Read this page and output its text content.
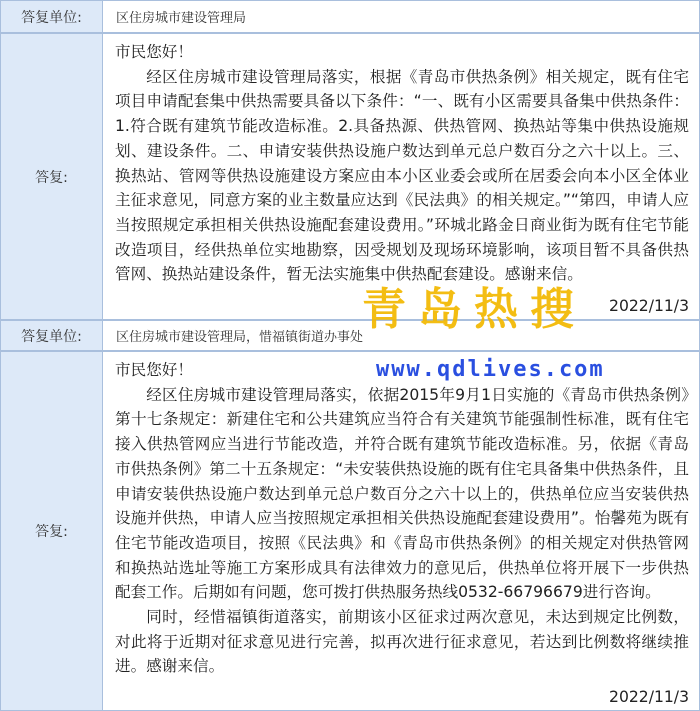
答复单位:	区住房城市建设管理局
答复:

市民您好！

经区住房城市建设管理局落实，根据《青岛市供热条例》相关规定，既有住宅项目申请配套集中供热需要具备以下条件：“一、既有小区需要具备集中供热条件：1.符合既有建筑节能改造标准。2.具备热源、供热管网、换热站等集中供热设施规划、建设条件。二、申请安装供热设施户数达到单元总户数百分之六十以上。三、换热站、管网等供热设施建设方案应由本小区业委会或所在居委会向本小区全体业主征求意见，同意方案的业主数量应达到《民法典》的相关规定。”“第四，申请人应当按照规定承担相关供热设施配套建设费用。”环城北路金日商业街为既有住宅节能改造项目，经供热单位实地勘察，因受规划及现场环境影响，该项目暂不具备供热管网、换热站建设条件，暂无法实施集中供热配套建设。感谢来信。

2022/11/3
答复单位:	区住房城市建设管理局，惜福镇街道办事处
答复:

市民您好！

经区住房城市建设管理局落实，依据2015年9月1日实施的《青岛市供热条例》第十七条规定：新建住宅和公共建筑应当符合有关建筑节能强制性标准，既有住宅接入供热管网应当进行节能改造，并符合既有建筑节能改造标准。另，依据《青岛市供热条例》第二十五条规定：“未安装供热设施的既有住宅具备集中供热条件，且申请安装供热设施户数达到单元总户数百分之六十以上的，供热单位应当安装供热设施并供热，申请人应当按照规定承担相关供热设施配套建设费用”。怡馨苑为既有住宅节能改造项目，按照《民法典》和《青岛市供热条例》的相关规定对供热管网和换热站选址等施工方案形成具有法律效力的意见后，供热单位将开展下一步供热配套工作。后期如有问题，您可拨打供热服务热线0532-66796679进行咨询。

同时，经惜福镇街道落实，前期该小区征求过两次意见，未达到规定比例数，对此将于近期对征求意见进行完善，拟再次进行征求意见，若达到比例数将继续推进。感谢来信。

2022/11/3
青岛热搜
www.qdlives.com
